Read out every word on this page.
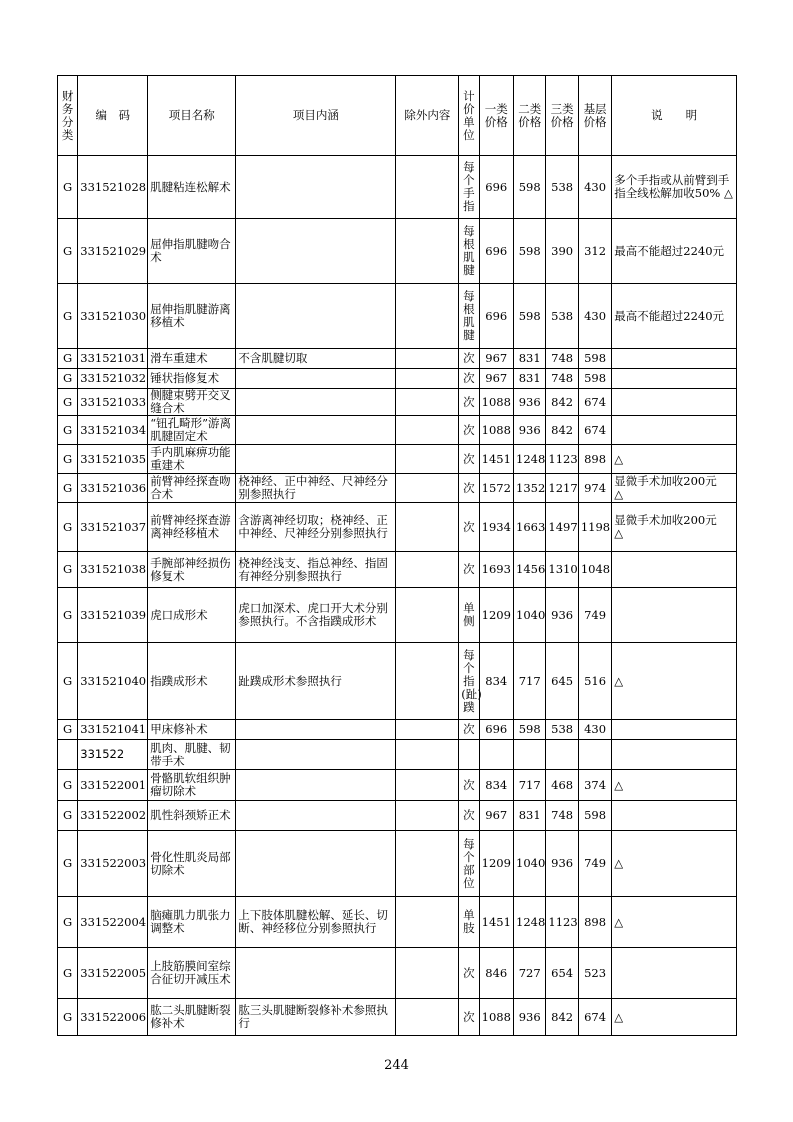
财
务
分
类	编　码	项目名称	项目内涵	除外内容	计
价
单
位	一类
价格	二类
价格	三类
价格	基层
价格	说　　明
G	331521028	肌腱粘连松解术			每
个
手
指	696	598	538	430	多个手指或从前臂到手指全线松解加收50% △
G	331521029	屈伸指肌腱吻合术			每
根
肌
腱	696	598	390	312	最高不能超过2240元
G	331521030	屈伸指肌腱游离移植术			每
根
肌
腱	696	598	538	430	最高不能超过2240元
G	331521031	滑车重建术	不含肌腱切取		次	967	831	748	598	
G	331521032	锤状指修复术			次	967	831	748	598	
G	331521033	侧腱束劈开交叉缝合术			次	1088	936	842	674	
G	331521034	“钮孔畸形”游离肌腱固定术			次	1088	936	842	674	
G	331521035	手内肌麻痹功能重建术			次	1451	1248	1123	898	△
G	331521036	前臂神经探查吻合术	桡神经、正中神经、尺神经分别参照执行		次	1572	1352	1217	974	显微手术加收200元　△
G	331521037	前臂神经探查游离神经移植术	含游离神经切取；桡神经、正中神经、尺神经分别参照执行		次	1934	1663	1497	1198	显微手术加收200元　△
G	331521038	手腕部神经损伤修复术	桡神经浅支、指总神经、指固有神经分别参照执行		次	1693	1456	1310	1048	
G	331521039	虎口成形术	虎口加深术、虎口开大术分别参照执行。不含指蹼成形术		单
侧	1209	1040	936	749	
G	331521040	指蹼成形术	趾蹼成形术参照执行		每
个
指
(趾)
蹼	834	717	645	516	△
G	331521041	甲床修补术			次	696	598	538	430	
	331522	肌肉、肌腱、韧带手术								
G	331522001	骨骼肌软组织肿瘤切除术			次	834	717	468	374	△
G	331522002	肌性斜颈矫正术			次	967	831	748	598	
G	331522003	骨化性肌炎局部切除术			每
个
部
位	1209	1040	936	749	△
G	331522004	脑瘫肌力肌张力调整术	上下肢体肌腱松解、延长、切断、神经移位分别参照执行		单
肢	1451	1248	1123	898	△
G	331522005	上肢筋膜间室综合征切开减压术			次	846	727	654	523	
G	331522006	肱二头肌腱断裂修补术	肱三头肌腱断裂修补术参照执行		次	1088	936	842	674	△
244
